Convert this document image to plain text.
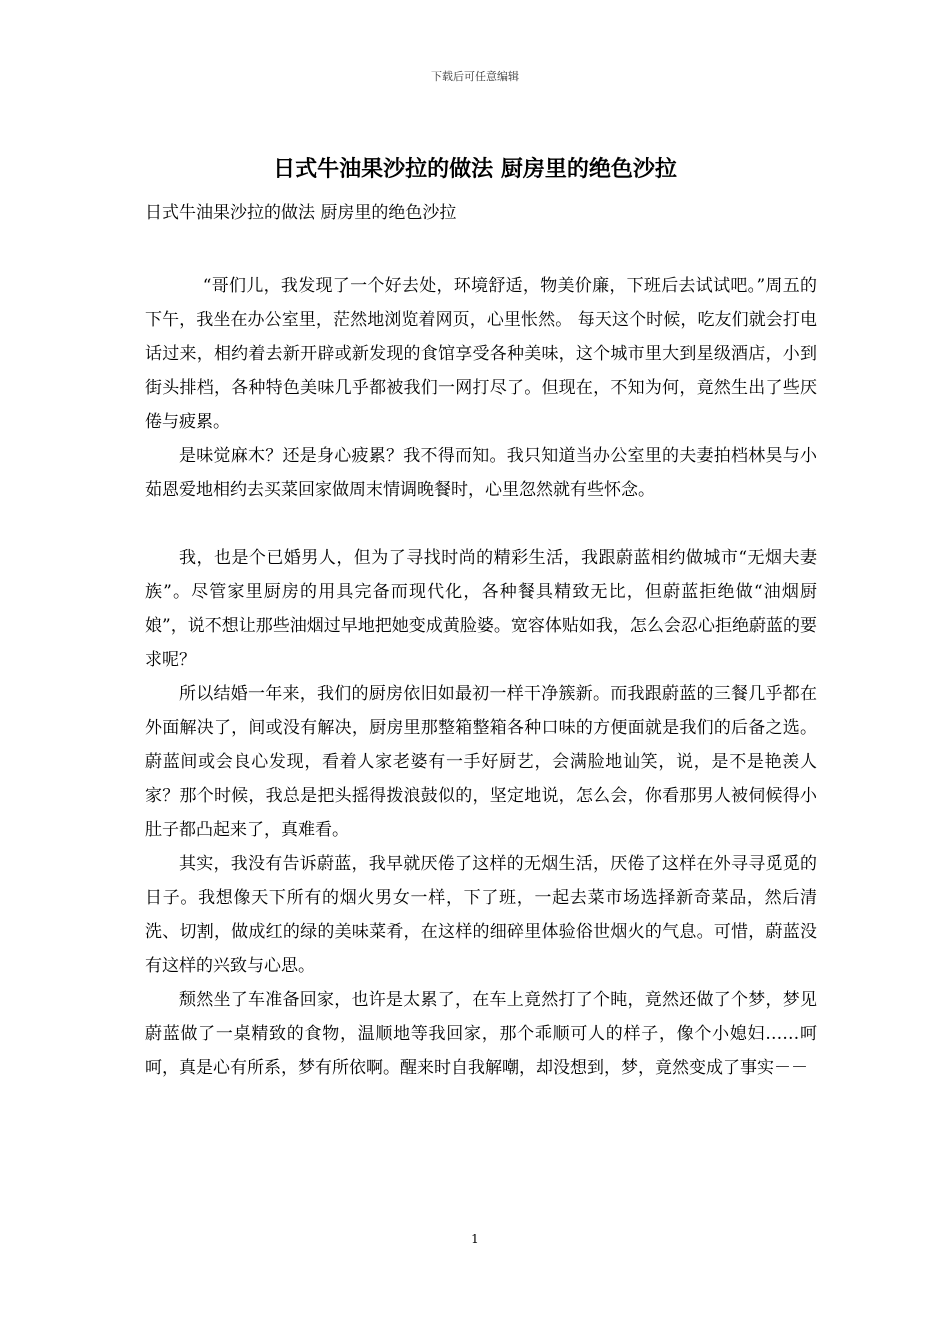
下载后可任意编辑
日式牛油果沙拉的做法 厨房里的绝色沙拉
日式牛油果沙拉的做法 厨房里的绝色沙拉

“哥们儿，我发现了一个好去处，环境舒适，物美价廉，下班后去试试吧。”周五的下午，我坐在办公室里，茫然地浏览着网页，心里怅然。 每天这个时候，吃友们就会打电话过来，相约着去新开辟或新发现的食馆享受各种美味，这个城市里大到星级酒店，小到街头排档，各种特色美味几乎都被我们一网打尽了。但现在，不知为何，竟然生出了些厌倦与疲累。

是味觉麻木？还是身心疲累？我不得而知。我只知道当办公室里的夫妻拍档林昊与小茹恩爱地相约去买菜回家做周末情调晚餐时，心里忽然就有些怀念。

我，也是个已婚男人，但为了寻找时尚的精彩生活，我跟蔚蓝相约做城市“无烟夫妻族”。尽管家里厨房的用具完备而现代化，各种餐具精致无比，但蔚蓝拒绝做“油烟厨娘”，说不想让那些油烟过早地把她变成黄脸婆。宽容体贴如我，怎么会忍心拒绝蔚蓝的要求呢？

所以结婚一年来，我们的厨房依旧如最初一样干净簇新。而我跟蔚蓝的三餐几乎都在外面解决了，间或没有解决，厨房里那整箱整箱各种口味的方便面就是我们的后备之选。蔚蓝间或会良心发现，看着人家老婆有一手好厨艺，会满脸地讪笑，说，是不是艳羡人家？那个时候，我总是把头摇得拨浪鼓似的，坚定地说，怎么会，你看那男人被伺候得小肚子都凸起来了，真难看。

其实，我没有告诉蔚蓝，我早就厌倦了这样的无烟生活，厌倦了这样在外寻寻觅觅的日子。我想像天下所有的烟火男女一样，下了班，一起去菜市场选择新奇菜品，然后清洗、切割，做成红的绿的美味菜肴，在这样的细碎里体验俗世烟火的气息。可惜，蔚蓝没有这样的兴致与心思。

颓然坐了车准备回家，也许是太累了，在车上竟然打了个盹，竟然还做了个梦，梦见蔚蓝做了一桌精致的食物，温顺地等我回家，那个乖顺可人的样子，像个小媳妇……呵呵，真是心有所系，梦有所依啊。醒来时自我解嘲，却没想到，梦，竟然变成了事实－－

1
